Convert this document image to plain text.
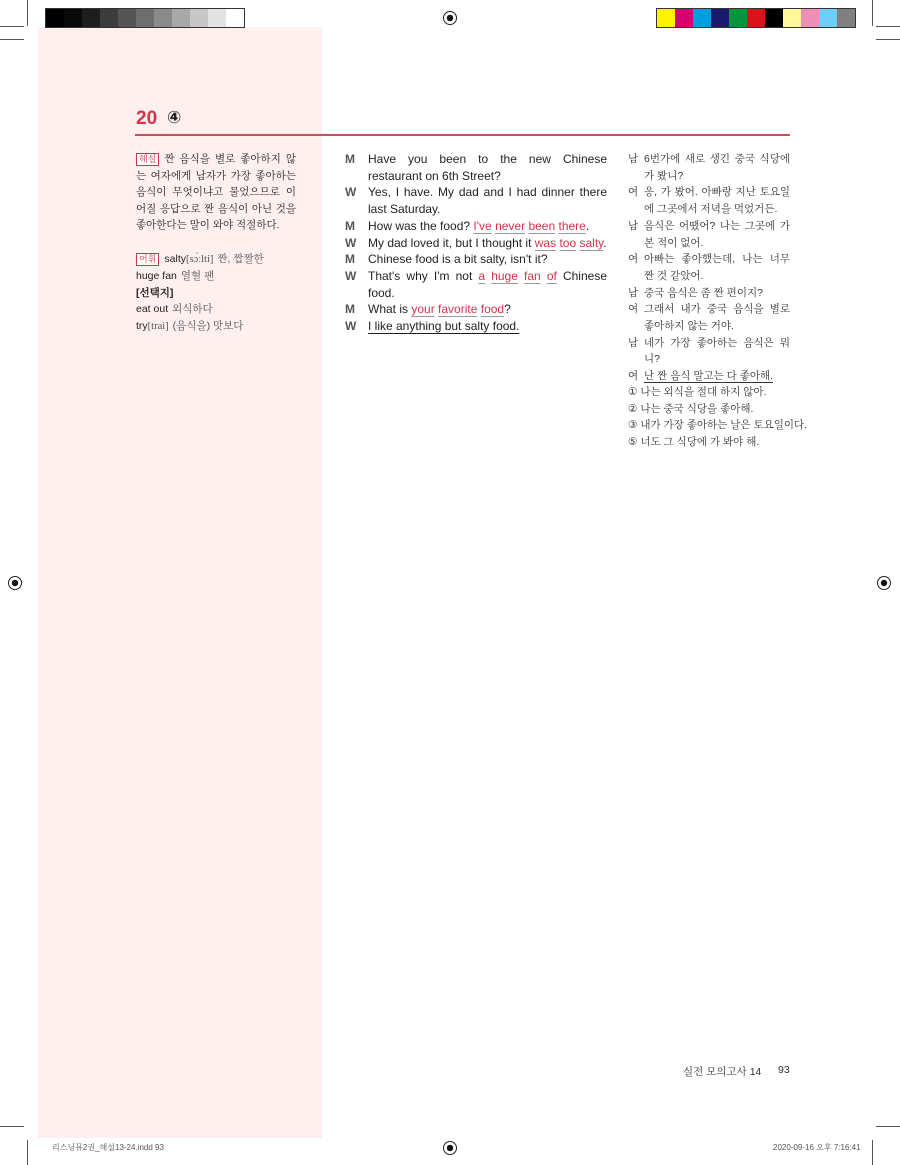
20 ④
해설 짠 음식을 별로 좋아하지 않는 여자에게 남자가 가장 좋아하는 음식이 무엇이냐고 물었으므로 이어질 응답으로 짠 음식이 아닌 것을 좋아한다는 말이 와야 적절하다.
어휘 salty[sɔ́ːlti] 짠, 짭짤한
huge fan 열혈 팬
[선택지]
eat out 외식하다
try[trai] (음식을) 맛보다
M	Have you been to the new Chinese restaurant on 6th Street?
W Yes, I have. My dad and I had dinner there last Saturday.
M	How was the food? I've never been there.
W My dad loved it, but I thought it was too salty.
M	Chinese food is a bit salty, isn't it?
W That's why I'm not a huge fan of Chinese food.
M	What is your favorite food?
W I like anything but salty food.
남 6번가에 새로 생긴 중국 식당에 가 봤니?
여 응, 가 봤어. 아빠랑 지난 토요일에 그곳에서 저녁을 먹었거든.
남 음식은 어땠어? 나는 그곳에 가본 적이 없어.
여 아빠는 좋아했는데, 나는 너무 짠 것 같았어.
남 중국 음식은 좀 짠 편이지?
여 그래서 내가 중국 음식을 별로 좋아하지 않는 거야.
남 네가 가장 좋아하는 음식은 뭐니?
여 난 짠 음식 말고는 다 좋아해.
① 나는 외식을 절대 하지 않아.
② 나는 중국 식당을 좋아해.
③ 내가 가장 좋아하는 날은 토요일이다.
⑤ 너도 그 식당에 가 봐야 해.
실전 모의고사 14 93
리스닝뮤2권_해설13-24.indd 93	2020-09-16 오후 7:16:41
